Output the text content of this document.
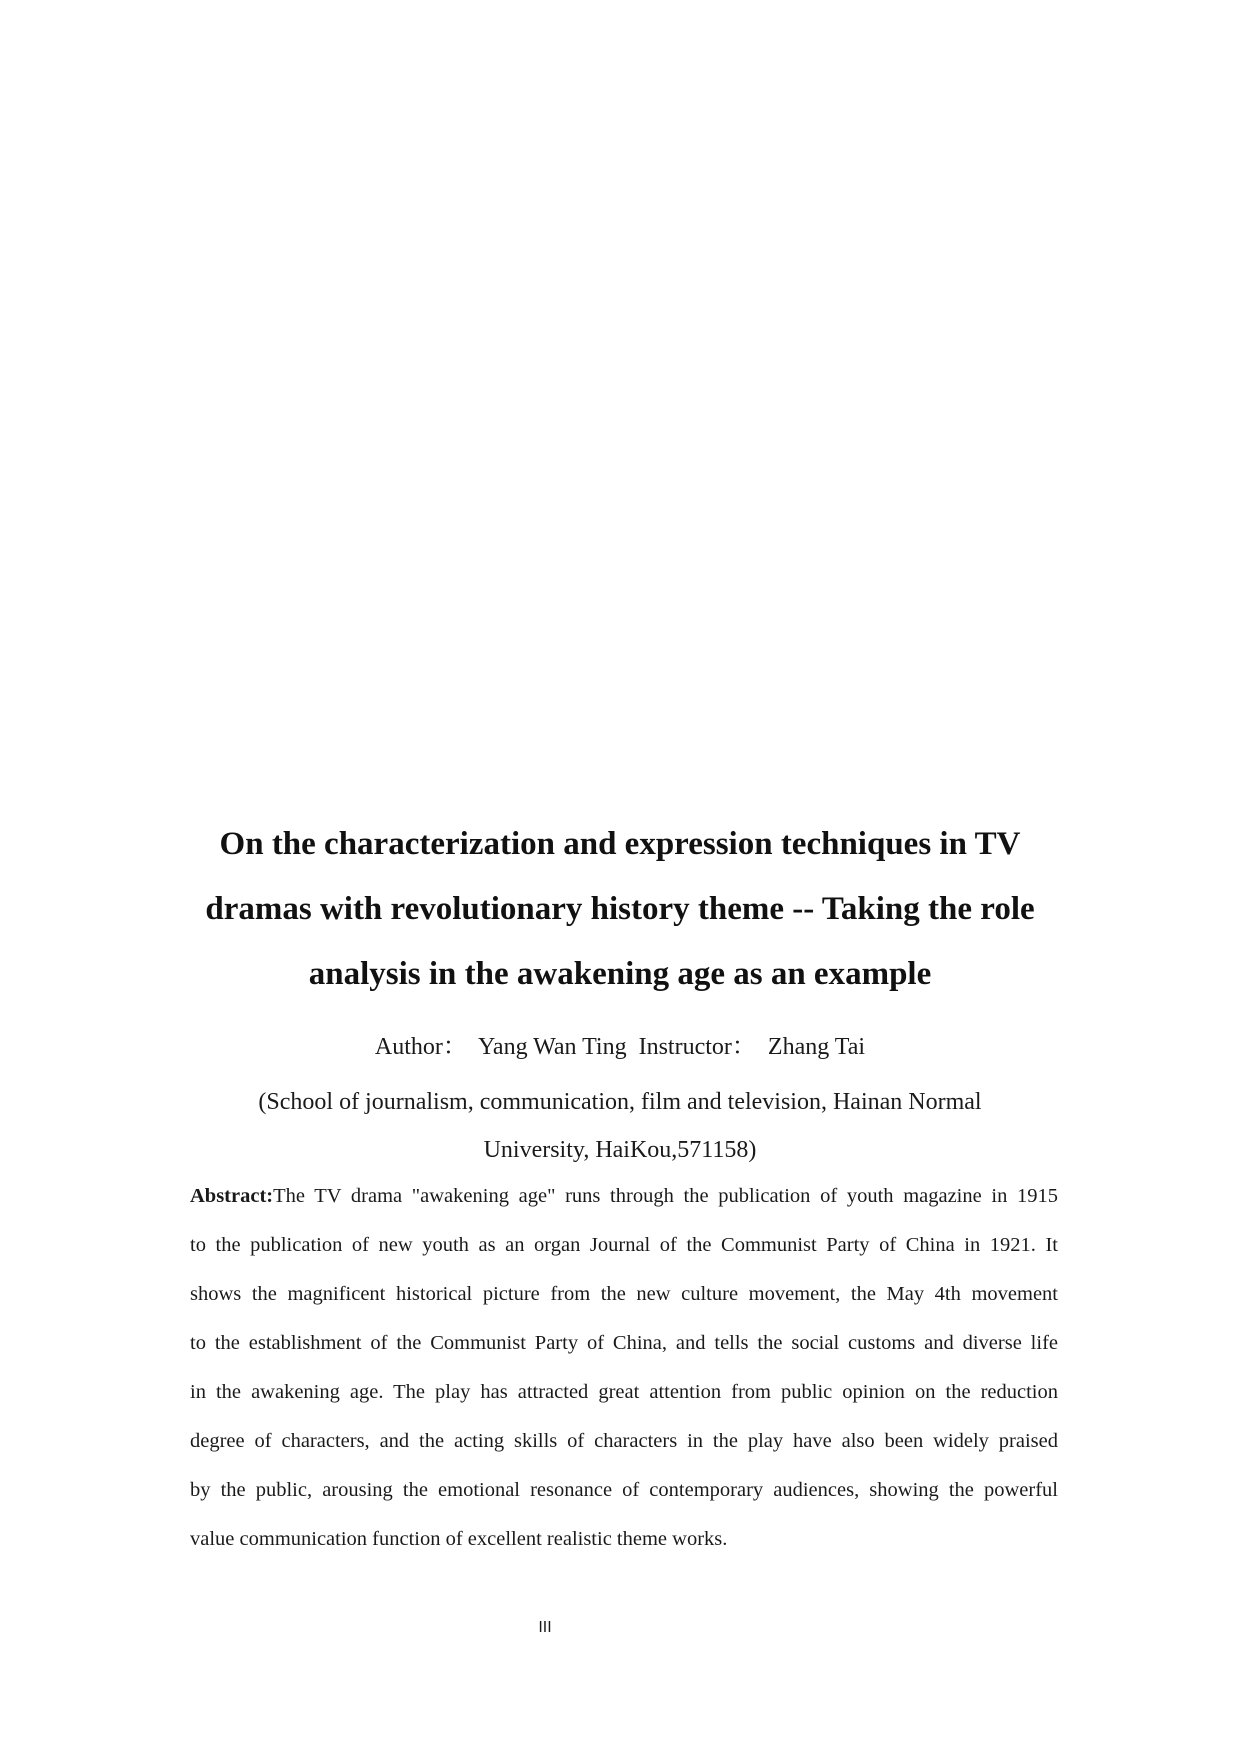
On the characterization and expression techniques in TV
dramas with revolutionary history theme -- Taking the role
analysis in the awakening age as an example
Author： Yang Wan Ting Instructor： Zhang Tai
(School of journalism, communication, film and television, Hainan Normal
University, HaiKou,571158)
Abstract:The TV drama "awakening age" runs through the publication of youth magazine in 1915
to the publication of new youth as an organ Journal of the Communist Party of China in 1921. It
shows the magnificent historical picture from the new culture movement, the May 4th movement
to the establishment of the Communist Party of China, and tells the social customs and diverse life
in the awakening age. The play has attracted great attention from public opinion on the reduction
degree of characters, and the acting skills of characters in the play have also been widely praised
by the public, arousing the emotional resonance of contemporary audiences, showing the powerful
value communication function of excellent realistic theme works.
III
